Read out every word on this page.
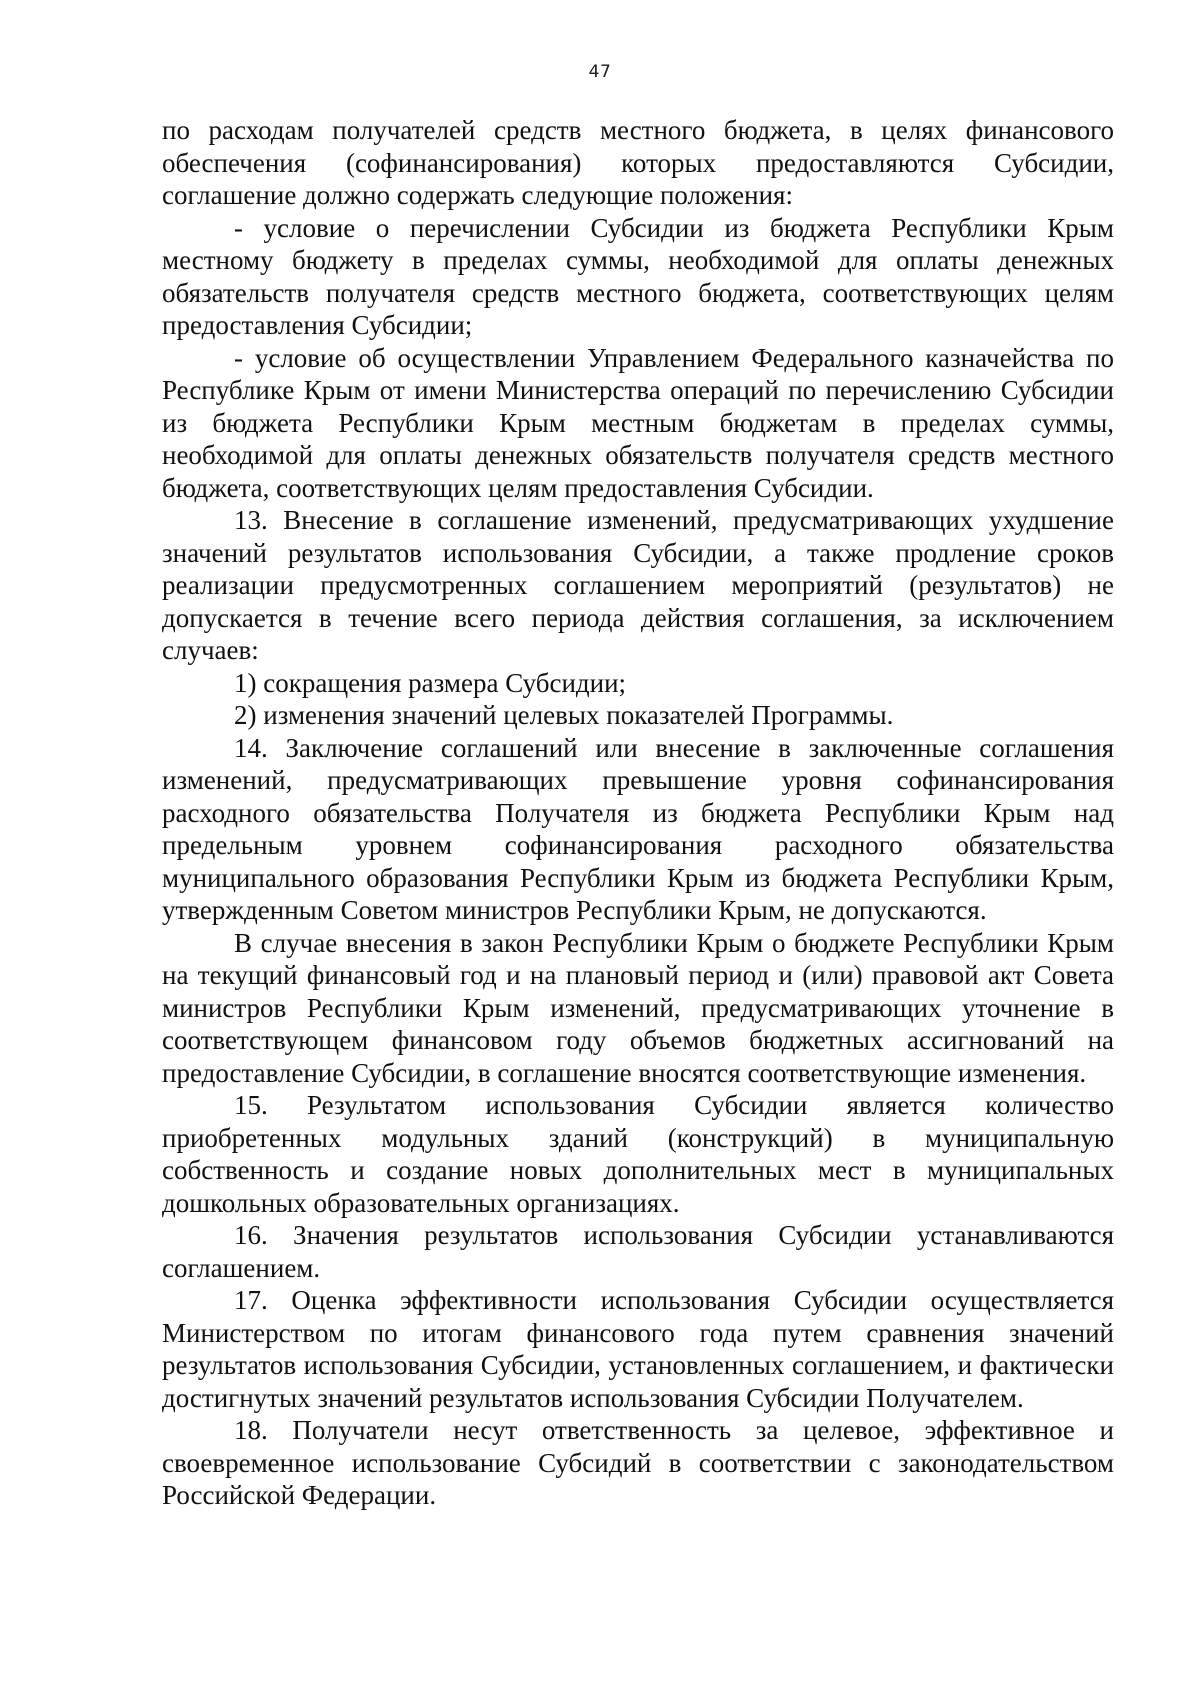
47

по расходам получателей средств местного бюджета, в целях финансового обеспечения (софинансирования) которых предоставляются Субсидии, соглашение должно содержать следующие положения:

- условие о перечислении Субсидии из бюджета Республики Крым местному бюджету в пределах суммы, необходимой для оплаты денежных обязательств получателя средств местного бюджета, соответствующих целям предоставления Субсидии;

- условие об осуществлении Управлением Федерального казначейства по Республике Крым от имени Министерства операций по перечислению Субсидии из бюджета Республики Крым местным бюджетам в пределах суммы, необходимой для оплаты денежных обязательств получателя средств местного бюджета, соответствующих целям предоставления Субсидии.

13. Внесение в соглашение изменений, предусматривающих ухудшение значений результатов использования Субсидии, а также продление сроков реализации предусмотренных соглашением мероприятий (результатов) не допускается в течение всего периода действия соглашения, за исключением случаев:

1) сокращения размера Субсидии;

2) изменения значений целевых показателей Программы.

14. Заключение соглашений или внесение в заключенные соглашения изменений, предусматривающих превышение уровня софинансирования расходного обязательства Получателя из бюджета Республики Крым над предельным уровнем софинансирования расходного обязательства муниципального образования Республики Крым из бюджета Республики Крым, утвержденным Советом министров Республики Крым, не допускаются.

В случае внесения в закон Республики Крым о бюджете Республики Крым на текущий финансовый год и на плановый период и (или) правовой акт Совета министров Республики Крым изменений, предусматривающих уточнение в соответствующем финансовом году объемов бюджетных ассигнований на предоставление Субсидии, в соглашение вносятся соответствующие изменения.

15. Результатом использования Субсидии является количество приобретенных модульных зданий (конструкций) в муниципальную собственность и создание новых дополнительных мест в муниципальных дошкольных образовательных организациях.

16. Значения результатов использования Субсидии устанавливаются соглашением.

17. Оценка эффективности использования Субсидии осуществляется Министерством по итогам финансового года путем сравнения значений результатов использования Субсидии, установленных соглашением, и фактически достигнутых значений результатов использования Субсидии Получателем.

18. Получатели несут ответственность за целевое, эффективное и своевременное использование Субсидий в соответствии с законодательством Российской Федерации.
